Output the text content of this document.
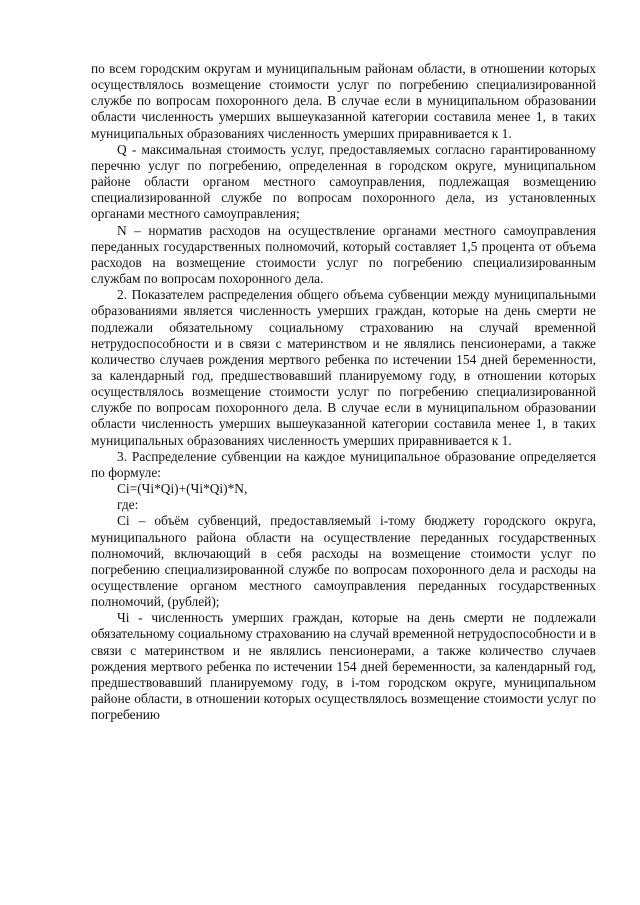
по всем городским округам и муниципальным районам области, в отношении которых осуществлялось возмещение стоимости услуг по погребению специализированной службе по вопросам похоронного дела. В случае если в муниципальном образовании области численность умерших вышеуказанной категории составила менее 1, в таких муниципальных образованиях численность умерших приравнивается к 1.

Q - максимальная стоимость услуг, предоставляемых согласно гарантированному перечню услуг по погребению, определенная в городском округе, муниципальном районе области органом местного самоуправления, подлежащая возмещению специализированной службе по вопросам похоронного дела, из установленных органами местного самоуправления;

N – норматив расходов на осуществление органами местного самоуправления переданных государственных полномочий, который составляет 1,5 процента от объема расходов на возмещение стоимости услуг по погребению специализированным службам по вопросам похоронного дела.

2. Показателем распределения общего объема субвенции между муниципальными образованиями является численность умерших граждан, которые на день смерти не подлежали обязательному социальному страхованию на случай временной нетрудоспособности и в связи с материнством и не являлись пенсионерами, а также количество случаев рождения мертвого ребенка по истечении 154 дней беременности, за календарный год, предшествовавший планируемому году, в отношении которых осуществлялось возмещение стоимости услуг по погребению специализированной службе по вопросам похоронного дела. В случае если в муниципальном образовании области численность умерших вышеуказанной категории составила менее 1, в таких муниципальных образованиях численность умерших приравнивается к 1.

3. Распределение субвенции на каждое муниципальное образование определяется по формуле:

Ci=(Чi*Qi)+(Чi*Qi)*N,

где:

Ci – объём субвенций, предоставляемый i-тому бюджету городского округа, муниципального района области на осуществление переданных государственных полномочий, включающий в себя расходы на возмещение стоимости услуг по погребению специализированной службе по вопросам похоронного дела и расходы на осуществление органом местного самоуправления переданных государственных полномочий, (рублей);

Чi - численность умерших граждан, которые на день смерти не подлежали обязательному социальному страхованию на случай временной нетрудоспособности и в связи с материнством и не являлись пенсионерами, а также количество случаев рождения мертвого ребенка по истечении 154 дней беременности, за календарный год, предшествовавший планируемому году, в i-том городском округе, муниципальном районе области, в отношении которых осуществлялось возмещение стоимости услуг по погребению
